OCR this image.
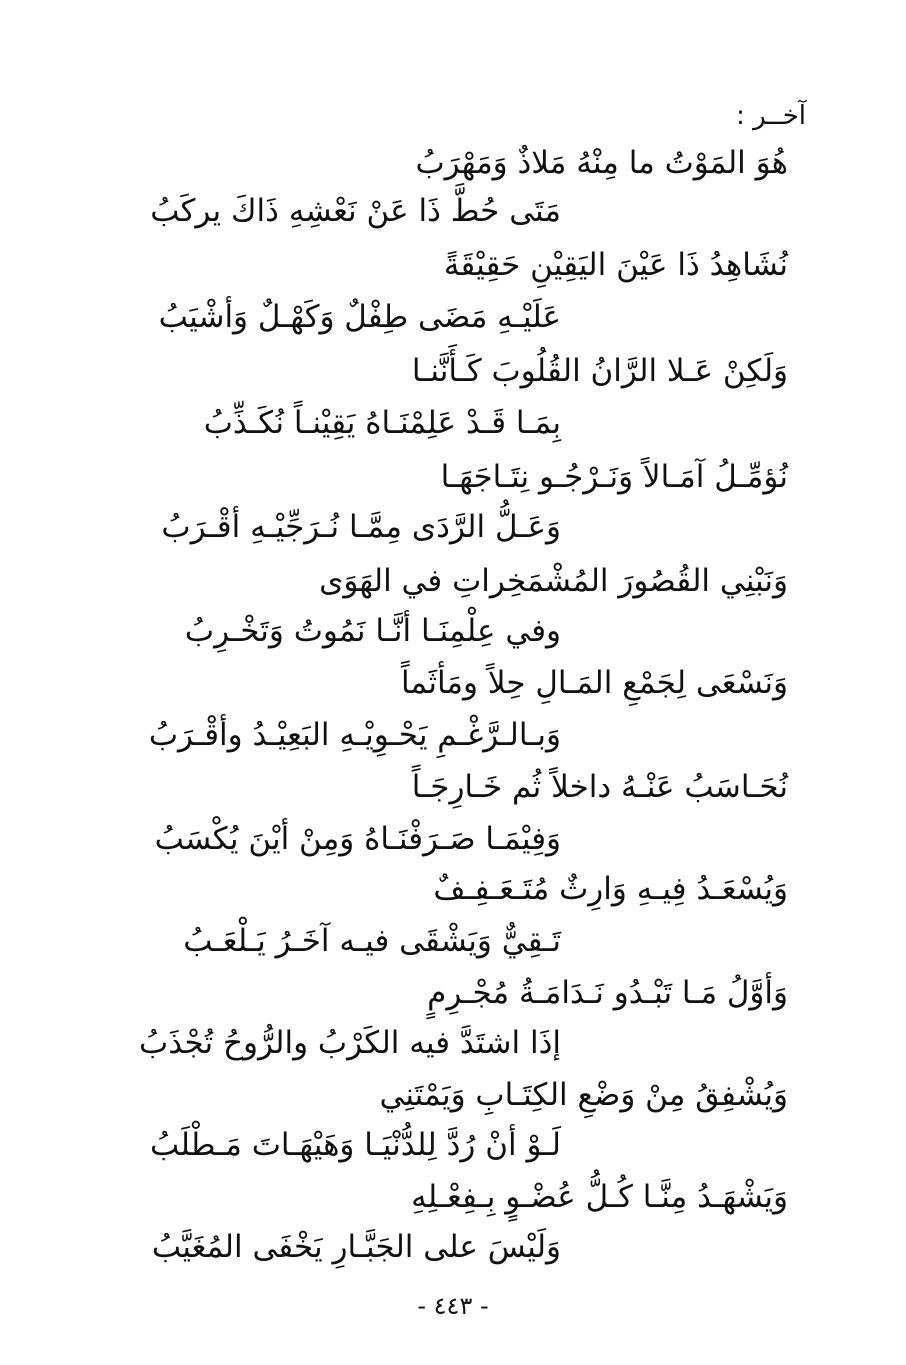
آخــر :
هُوَ المَوْتُ ما مِنْهُ مَلاذٌ وَمَهْرَبُ
مَتَى حُطَّ ذَا عَنْ نَعْشِهِ ذَاكَ يركَبُ
نُشَاهِدُ ذَا عَيْنَ اليَقِيْنِ حَقِيْقَةً
عَلَيْـهِ مَضَى طِفْلٌ وَكَهْـلٌ وَأشْيَبُ
وَلَكِنْ عَـلا الرَّانُ القُلُوبَ كَـأَنَّنـا
بِمَـا قَـدْ عَلِمْنَـاهُ يَقِيْنـاً نُكَـذِّبُ
نُؤمِّـلُ آمَـالاً وَنَـرْجُـو نِتَـاجَهَـا
وَعَـلُّ الرَّدَى مِمَّـا نُـرَجِّيْـهِ أقْـرَبُ
وَنَبْنِي القُصُورَ المُشْمَخِراتِ في الهَوَى
وفي عِلْمِنَـا أنَّـا نَمُوتُ وَتَخْـرِبُ
وَنَسْعَى لِجَمْعِ المَـالِ حِلاً ومَأثَماً
وَبـالـرَّغْـمِ يَحْـوِيْـهِ البَعِيْـدُ وأقْـرَبُ
نُحَـاسَبُ عَنْـهُ داخلاً ثُم خَـارِجَـاً
وَفِيْمَـا صَـرَفْنَـاهُ وَمِنْ أيْنَ يُكْسَبُ
وَيُسْعَـدُ فِيـهِ وَارِثٌ مُتَـعَـفِـفٌ
تَـقِيٌّ وَيَشْقَى فيـه آخَـرُ يَـلْعَـبُ
وَأوَّلُ مَـا تَبْـدُو نَـدَامَـةُ مُجْـرِمٍ
إذَا اشتَدَّ فيه الكَرْبُ والرُّوحُ تُجْذَبُ
وَيُشْفِقُ مِنْ وَضْعِ الكِتَـابِ وَيَمْتَنِي
لَـوْ أنْ رُدَّ لِلدُّنْيَـا وَهَيْهَـاتَ مَـطْلَبُ
وَيَشْهَـدُ مِنَّـا كُـلُّ عُضْـوٍ بِـفِعْـلِهِ
وَلَيْسَ على الجَبَّـارِ يَخْفَى المُغَيَّبُ
- ٤٤٣ -
